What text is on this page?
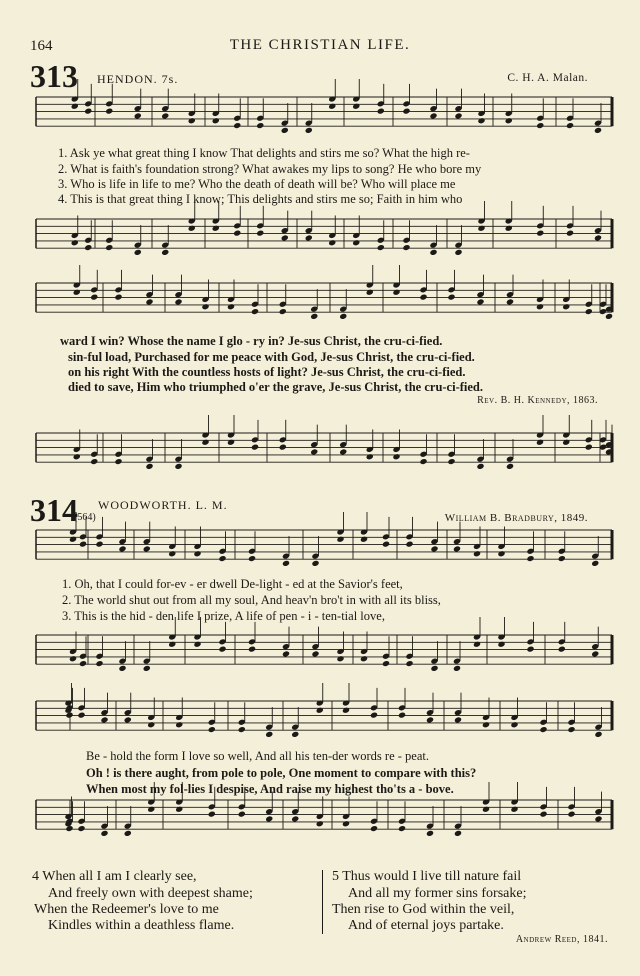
164	THE CHRISTIAN LIFE.
313 HENDON. 7s.	C. H. A. Malan.
1. Ask ye what great thing I know That delights and stirs me so? What the high re-
2. What is faith's foundation strong? What awakes my lips to song? He who bore my
3. Who is life in life to me? Who the death of death will be? Who will place me
4. This is that great thing I know; This delights and stirs me so; Faith in him who
ward I win? Whose the name I glo - ry in? Je-sus Christ, the cru-ci-fied.
sin-ful load, Purchased for me peace with God, Je-sus Christ, the cru-ci-fied.
on his right With the countless hosts of light? Je-sus Christ, the cru-ci-fied.
died to save, Him who triumphed o'er the grave, Je-sus Christ, the cru-ci-fied.
Rev. B. H. Kennedy, 1863.
314
(564)
WOODWORTH. L. M.
William B. Bradbury, 1849.
1. Oh, that I could for-ev - er dwell De-light - ed at the Savior's feet,
2. The world shut out from all my soul, And heav'n bro't in with all its bliss,
3. This is the hid - den life I prize, A life of pen - i - ten-tial love,
Be - hold the form I love so well, And all his ten-der words re - peat.
Oh ! is there aught, from pole to pole, One moment to compare with this?
When most my fol-lies I despise, And raise my highest tho'ts a - bove.
4 When all I am I clearly see,
And freely own with deepest shame;
When the Redeemer's love to me
Kindles within a deathless flame.
5 Thus would I live till nature fail
And all my former sins forsake;
Then rise to God within the veil,
And of eternal joys partake.
Andrew Reed, 1841.
